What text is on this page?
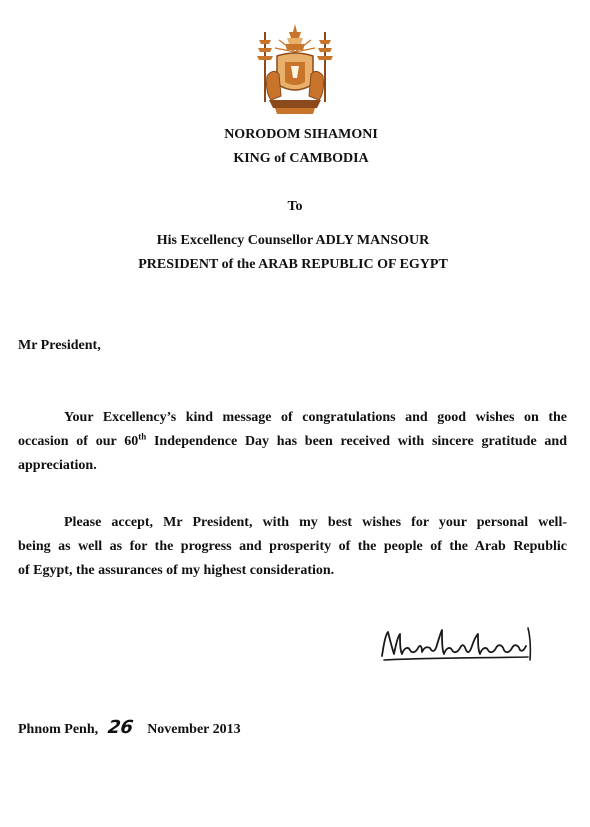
NORODOM SIHAMONI
KING of CAMBODIA
To
His Excellency Counsellor ADLY MANSOUR
PRESIDENT of the ARAB REPUBLIC OF EGYPT
Mr President,
Your Excellency’s kind message of congratulations and good wishes on the
occasion of our 60th Independence Day has been received with sincere gratitude and
appreciation.
Please accept, Mr President, with my best wishes for your personal well-
being as well as for the progress and prosperity of the people of the Arab Republic
of Egypt, the assurances of my highest consideration.
Phnom Penh, 26 November 2013
